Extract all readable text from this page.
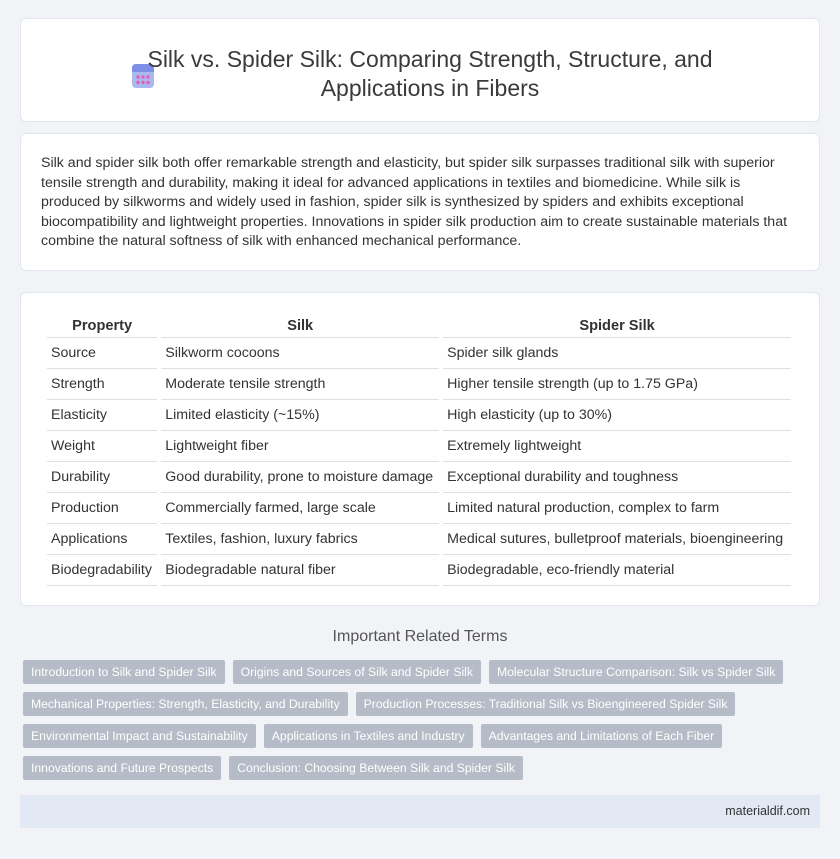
Silk vs. Spider Silk: Comparing Strength, Structure, and Applications in Fibers

Silk and spider silk both offer remarkable strength and elasticity, but spider silk surpasses traditional silk with superior tensile strength and durability, making it ideal for advanced applications in textiles and biomedicine. While silk is produced by silkworms and widely used in fashion, spider silk is synthesized by spiders and exhibits exceptional biocompatibility and lightweight properties. Innovations in spider silk production aim to create sustainable materials that combine the natural softness of silk with enhanced mechanical performance.

Property	Silk	Spider Silk
Source	Silkworm cocoons	Spider silk glands
Strength	Moderate tensile strength	Higher tensile strength (up to 1.75 GPa)
Elasticity	Limited elasticity (~15%)	High elasticity (up to 30%)
Weight	Lightweight fiber	Extremely lightweight
Durability	Good durability, prone to moisture damage	Exceptional durability and toughness
Production	Commercially farmed, large scale	Limited natural production, complex to farm
Applications	Textiles, fashion, luxury fabrics	Medical sutures, bulletproof materials, bioengineering
Biodegradability	Biodegradable natural fiber	Biodegradable, eco-friendly material
Important Related Terms
Introduction to Silk and Spider Silk	Origins and Sources of Silk and Spider Silk	Molecular Structure Comparison: Silk vs Spider Silk
Mechanical Properties: Strength, Elasticity, and Durability	Production Processes: Traditional Silk vs Bioengineered Spider Silk
Environmental Impact and Sustainability	Applications in Textiles and Industry	Advantages and Limitations of Each Fiber
Innovations and Future Prospects	Conclusion: Choosing Between Silk and Spider Silk
materialdif.com
